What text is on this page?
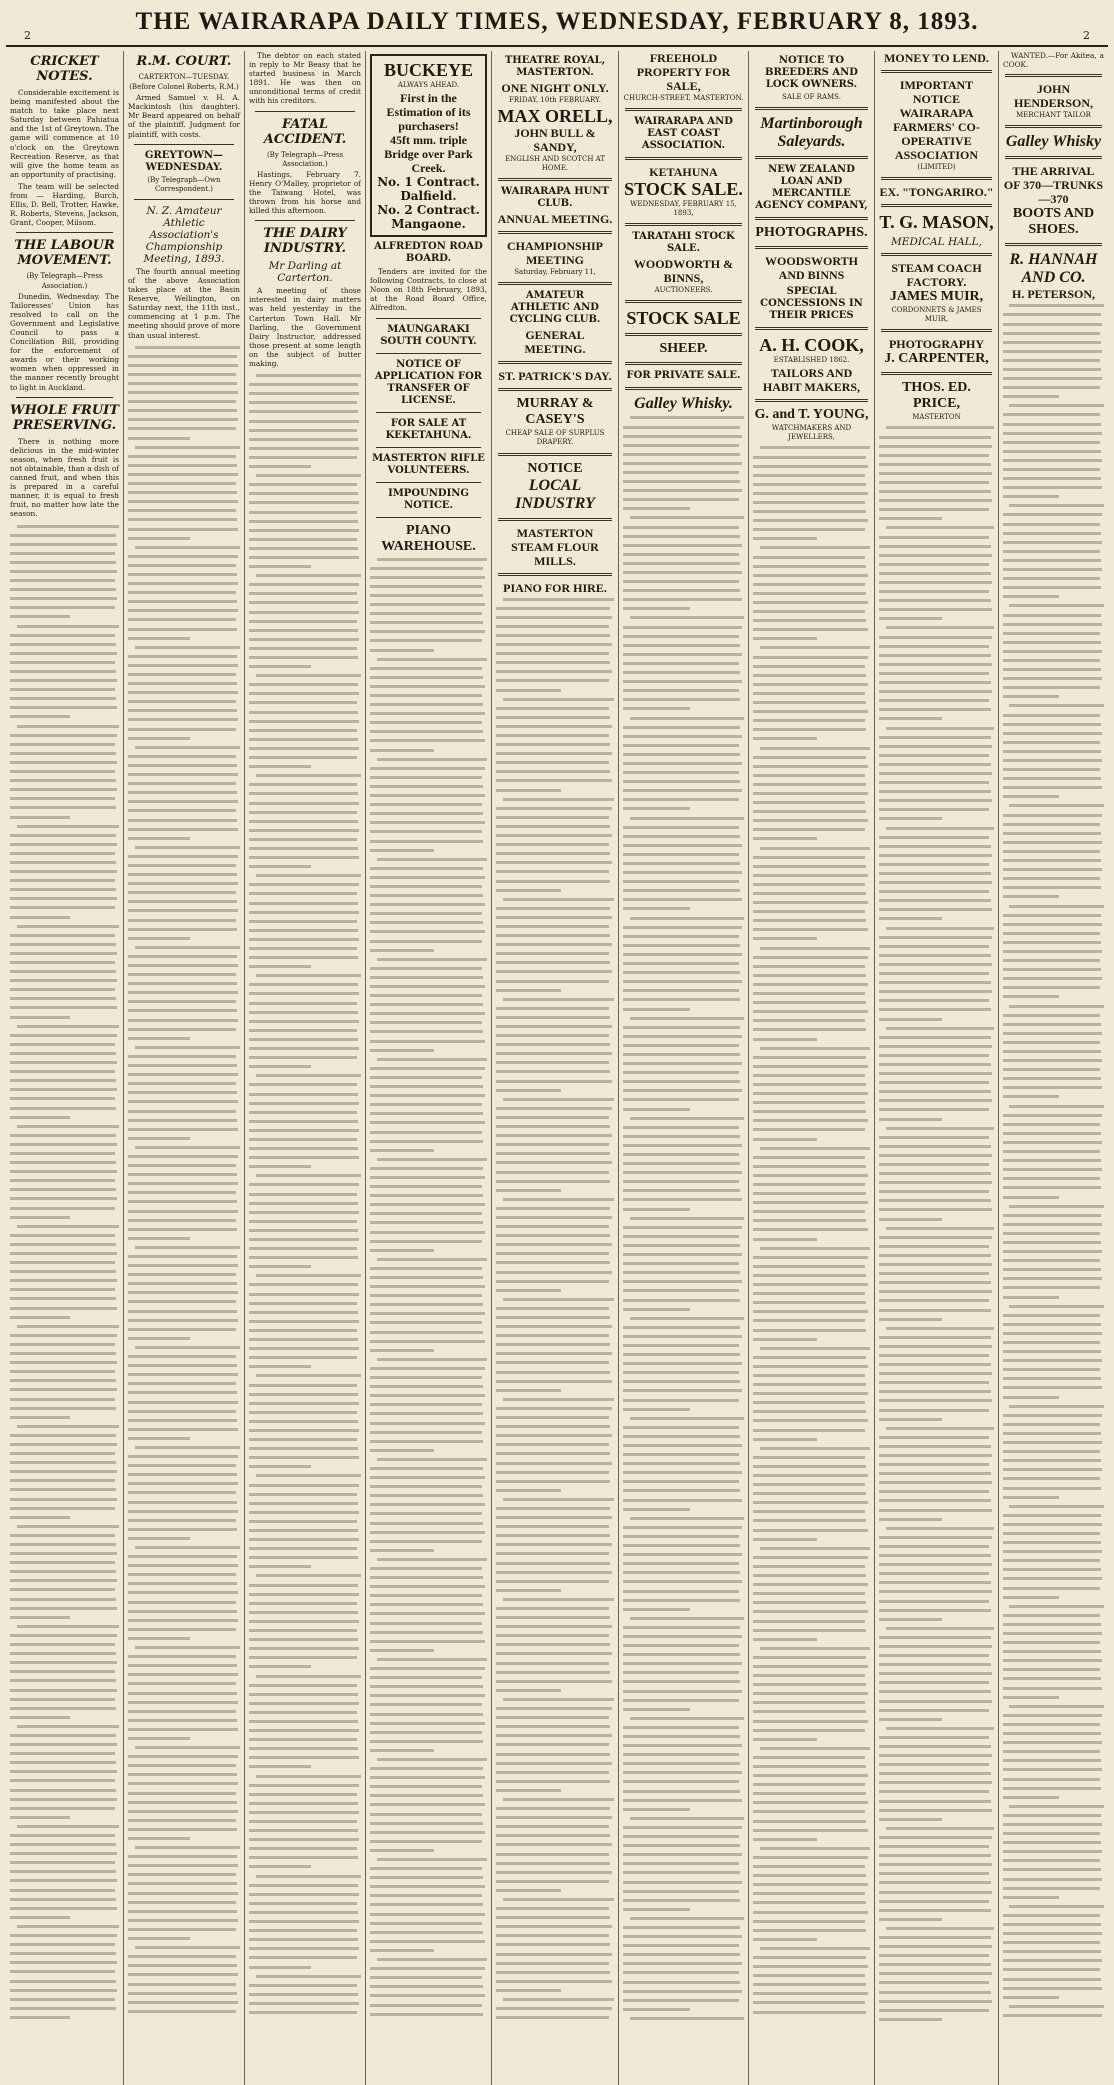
2
THE WAIRARAPA DAILY TIMES, WEDNESDAY, FEBRUARY 8, 1893.
2
CRICKET NOTES.

Considerable excitement is being manifested about the match to take place next Saturday between Pahiatua and the 1st of Greytown. The game will commence at 10 o'clock on the Greytown Recreation Reserve, as that will give the home team as an opportunity of practising.

The team will be selected from — Harding, Burch, Ellis, D. Bell, Trotter, Hawke, R. Roberts, Stevens, Jackson, Grant, Cooper, Milsom.

THE LABOUR MOVEMENT.
(By Telegraph—Press Association.)

Dunedin, Wednesday. The Tailoresses' Union has resolved to call on the Government and Legislative Council to pass a Conciliation Bill, providing for the enforcement of awards or their working women when oppressed in the manner recently brought to light in Auckland.

WHOLE FRUIT PRESERVING.

There is nothing more delicious in the mid-winter season, when fresh fruit is not obtainable, than a dish of canned fruit, and when this is prepared in a careful manner, it is equal to fresh fruit, no matter how late the season.

R.M. COURT.
CARTERTON—TUESDAY.
(Before Colonel Roberts, R.M.)

Armed Samuel v. H. A. Mackintosh (his daughter). Mr Beard appeared on behalf of the plaintiff. Judgment for plaintiff, with costs.

GREYTOWN—WEDNESDAY.
(By Telegraph—Own Correspondent.)
N. Z. Amateur Athletic Association's Championship Meeting, 1893.

The fourth annual meeting of the above Association takes place at the Basin Reserve, Wellington, on Saturday next, the 11th inst., commencing at 1 p.m. The meeting should prove of more than usual interest.

The debtor on each stated in reply to Mr Beasy that he started business in March 1891. He was then on unconditional terms of credit with his creditors.

FATAL ACCIDENT.
(By Telegraph—Press Association.)

Hastings, February 7. Henry O'Malley, proprietor of the Taiwang Hotel, was thrown from his horse and killed this afternoon.

THE DAIRY INDUSTRY.
Mr Darling at Carterton.

A meeting of those interested in dairy matters was held yesterday in the Carterton Town Hall. Mr Darling, the Government Dairy Instructor, addressed those present at some length on the subject of butter making.

BUCKEYE
ALWAYS AHEAD.
First in the Estimation of its purchasers!
45ft mm. triple Bridge over Park Creek.
No. 1 Contract. Dalfield.
No. 2 Contract. Mangaone.
ALFREDTON ROAD BOARD.

Tenders are invited for the following Contracts, to close at Noon on 18th February, 1893, at the Road Board Office, Alfredton.

MAUNGARAKI SOUTH COUNTY.
NOTICE OF APPLICATION FOR TRANSFER OF LICENSE.
FOR SALE AT KEKETAHUNA.
MASTERTON RIFLE VOLUNTEERS.
IMPOUNDING NOTICE.
PIANO WAREHOUSE.
THEATRE ROYAL, MASTERTON.
ONE NIGHT ONLY.
FRIDAY, 10th FEBRUARY.
MAX ORELL,
JOHN BULL & SANDY,
ENGLISH AND SCOTCH AT HOME.
WAIRARAPA HUNT CLUB.
ANNUAL MEETING.
CHAMPIONSHIP MEETING
Saturday, February 11,
AMATEUR ATHLETIC AND CYCLING CLUB.
GENERAL MEETING.
ST. PATRICK'S DAY.
MURRAY & CASEY'S
CHEAP SALE OF SURPLUS DRAPERY.
NOTICE
LOCAL INDUSTRY
MASTERTON STEAM FLOUR MILLS.
PIANO FOR HIRE.
FREEHOLD PROPERTY FOR SALE,
CHURCH-STREET, MASTERTON.
WAIRARAPA AND EAST COAST ASSOCIATION.
KETAHUNA
STOCK SALE.
WEDNESDAY, FEBRUARY 15, 1893,
TARATAHI STOCK SALE.
WOODWORTH & BINNS,
AUCTIONEERS.
STOCK SALE
SHEEP.
FOR PRIVATE SALE.
Galley Whisky.
NOTICE TO BREEDERS AND LOCK OWNERS.
SALE OF RAMS.
Martinborough Saleyards.
NEW ZEALAND LOAN AND MERCANTILE AGENCY COMPANY,
PHOTOGRAPHS.
WOODSWORTH AND BINNS
SPECIAL CONCESSIONS IN THEIR PRICES
A. H. COOK,
ESTABLISHED 1862.
TAILORS AND HABIT MAKERS,
G. and T. YOUNG,
WATCHMAKERS AND JEWELLERS,
MONEY TO LEND.
IMPORTANT NOTICE
WAIRARAPA FARMERS' CO-OPERATIVE ASSOCIATION
(LIMITED)
EX. "TONGARIRO."
T. G. MASON,
MEDICAL HALL,
STEAM COACH FACTORY.
JAMES MUIR,
CORDONNETS & JAMES MUIR,
PHOTOGRAPHY
J. CARPENTER,
THOS. ED. PRICE,
MASTERTON

WANTED.—For Akitea, a COOK.

JOHN HENDERSON,
MERCHANT TAILOR
Galley Whisky
THE ARRIVAL OF 370—TRUNKS—370
BOOTS AND SHOES.
R. HANNAH AND CO.
H. PETERSON,
